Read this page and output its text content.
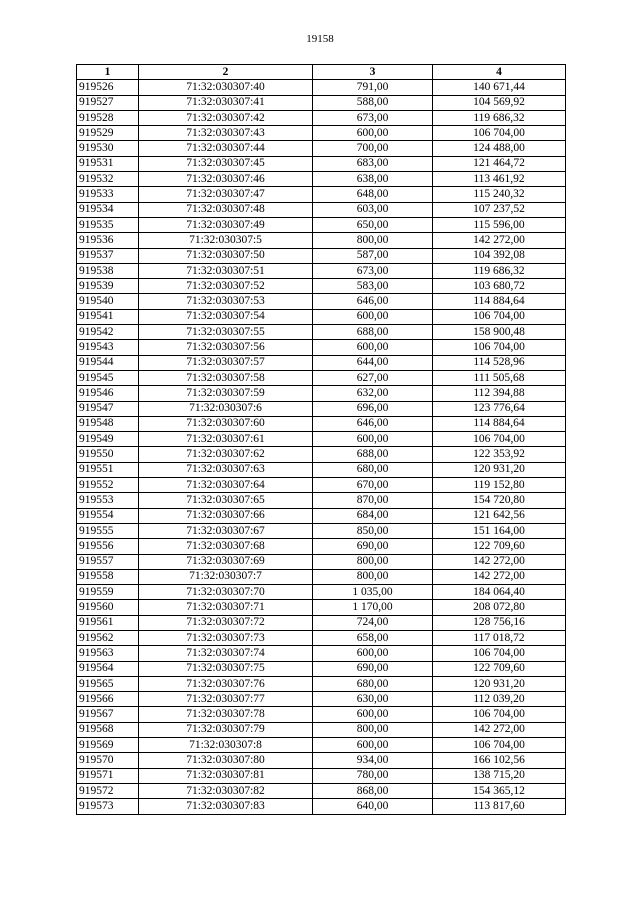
19158
1	2	3	4
919526	71:32:030307:40	791,00	140 671,44
919527	71:32:030307:41	588,00	104 569,92
919528	71:32:030307:42	673,00	119 686,32
919529	71:32:030307:43	600,00	106 704,00
919530	71:32:030307:44	700,00	124 488,00
919531	71:32:030307:45	683,00	121 464,72
919532	71:32:030307:46	638,00	113 461,92
919533	71:32:030307:47	648,00	115 240,32
919534	71:32:030307:48	603,00	107 237,52
919535	71:32:030307:49	650,00	115 596,00
919536	71:32:030307:5	800,00	142 272,00
919537	71:32:030307:50	587,00	104 392,08
919538	71:32:030307:51	673,00	119 686,32
919539	71:32:030307:52	583,00	103 680,72
919540	71:32:030307:53	646,00	114 884,64
919541	71:32:030307:54	600,00	106 704,00
919542	71:32:030307:55	688,00	158 900,48
919543	71:32:030307:56	600,00	106 704,00
919544	71:32:030307:57	644,00	114 528,96
919545	71:32:030307:58	627,00	111 505,68
919546	71:32:030307:59	632,00	112 394,88
919547	71:32:030307:6	696,00	123 776,64
919548	71:32:030307:60	646,00	114 884,64
919549	71:32:030307:61	600,00	106 704,00
919550	71:32:030307:62	688,00	122 353,92
919551	71:32:030307:63	680,00	120 931,20
919552	71:32:030307:64	670,00	119 152,80
919553	71:32:030307:65	870,00	154 720,80
919554	71:32:030307:66	684,00	121 642,56
919555	71:32:030307:67	850,00	151 164,00
919556	71:32:030307:68	690,00	122 709,60
919557	71:32:030307:69	800,00	142 272,00
919558	71:32:030307:7	800,00	142 272,00
919559	71:32:030307:70	1 035,00	184 064,40
919560	71:32:030307:71	1 170,00	208 072,80
919561	71:32:030307:72	724,00	128 756,16
919562	71:32:030307:73	658,00	117 018,72
919563	71:32:030307:74	600,00	106 704,00
919564	71:32:030307:75	690,00	122 709,60
919565	71:32:030307:76	680,00	120 931,20
919566	71:32:030307:77	630,00	112 039,20
919567	71:32:030307:78	600,00	106 704,00
919568	71:32:030307:79	800,00	142 272,00
919569	71:32:030307:8	600,00	106 704,00
919570	71:32:030307:80	934,00	166 102,56
919571	71:32:030307:81	780,00	138 715,20
919572	71:32:030307:82	868,00	154 365,12
919573	71:32:030307:83	640,00	113 817,60
